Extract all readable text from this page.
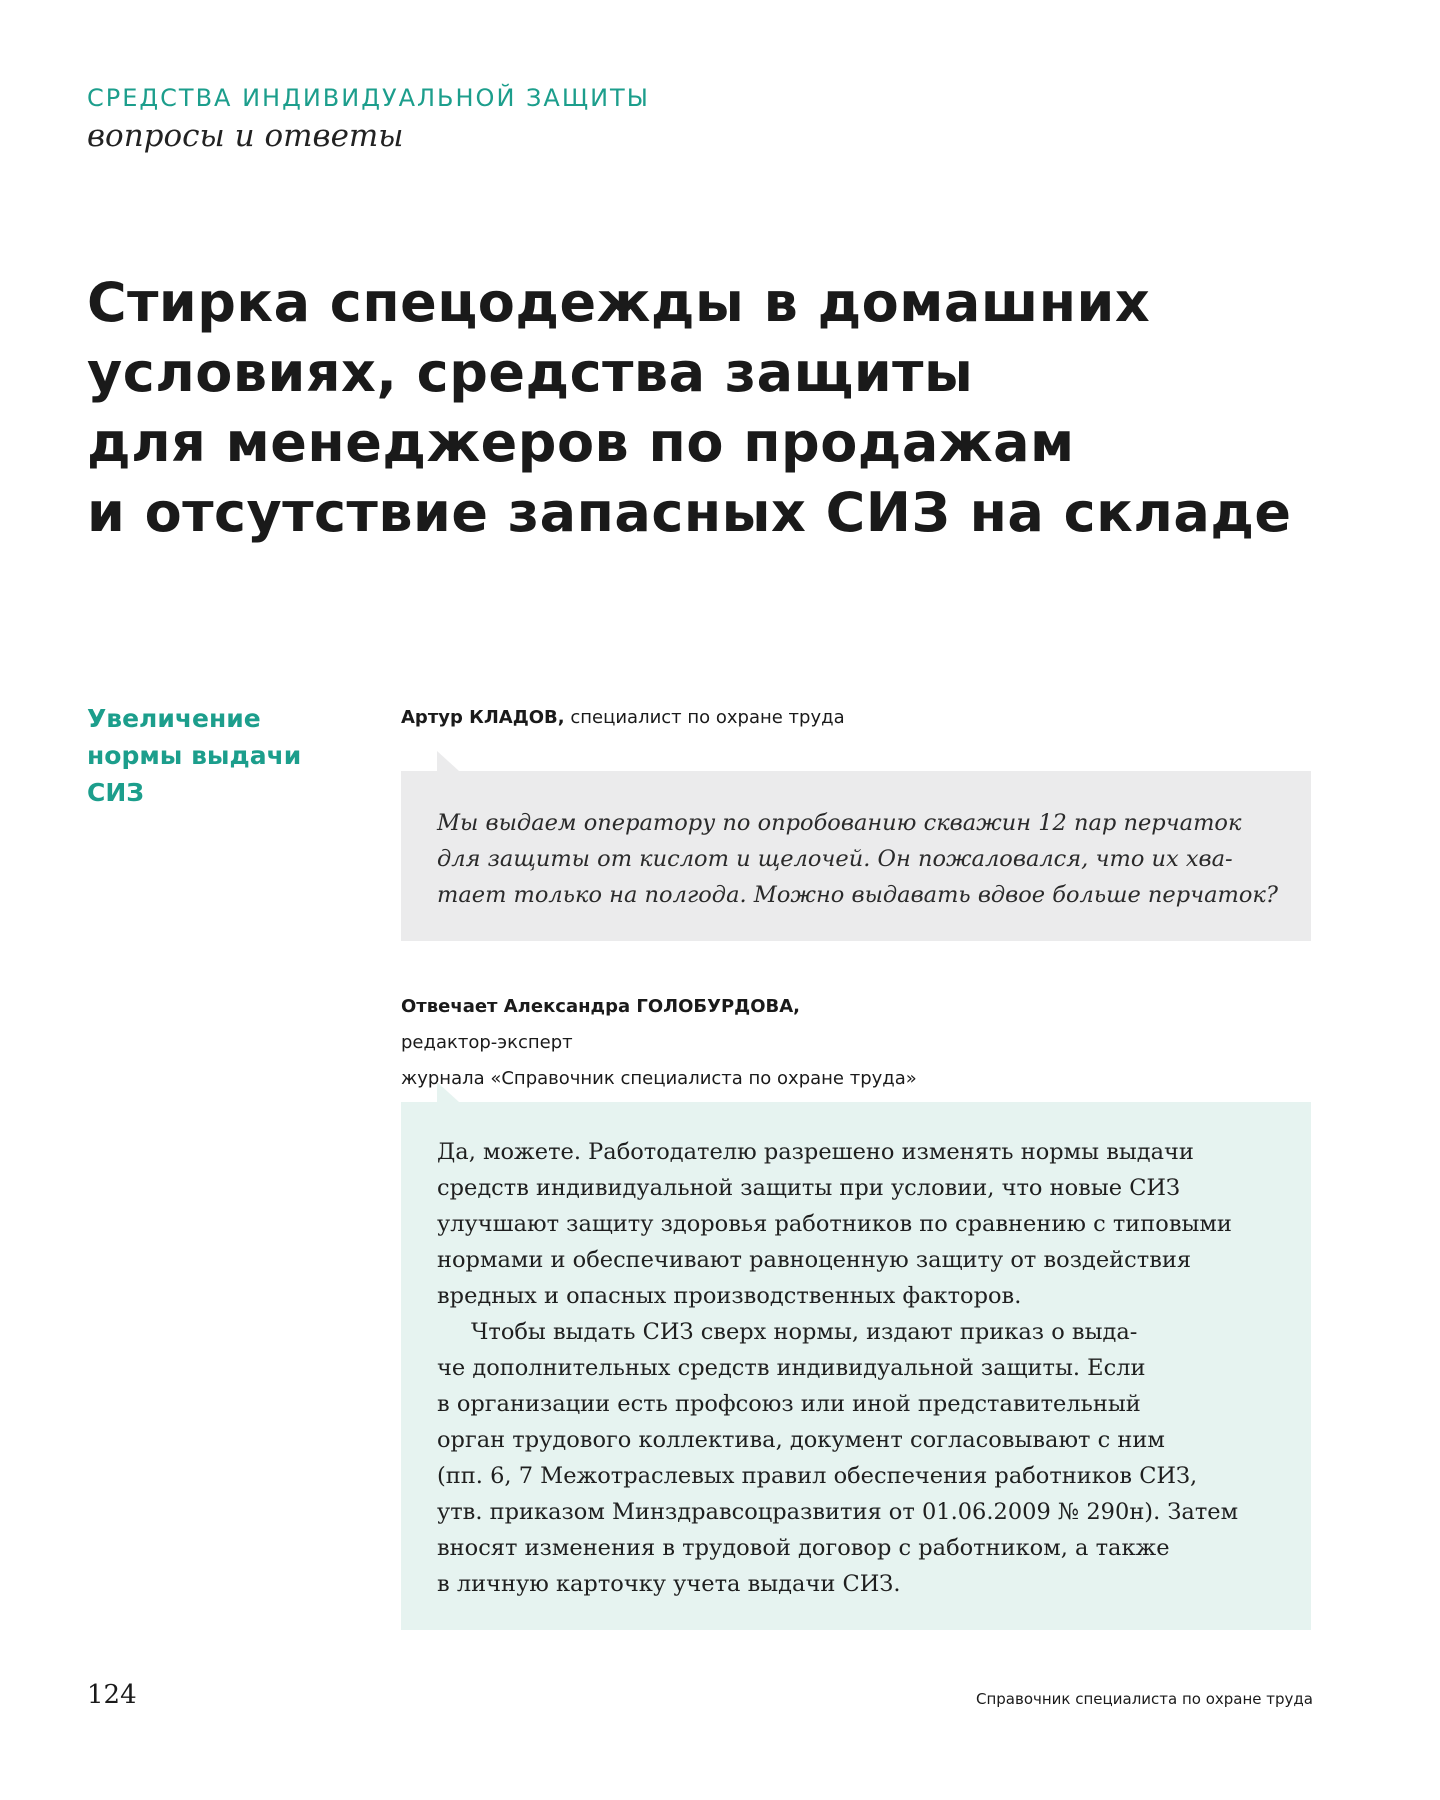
СРЕДСТВА ИНДИВИДУАЛЬНОЙ ЗАЩИТЫ
вопросы и ответы
Стирка спецодежды в домашних
условиях, средства защиты
для менеджеров по продажам
и отсутствие запасных СИЗ на складе
Увеличение
нормы выдачи
СИЗ
Артур КЛАДОВ, специалист по охране труда
Мы выдаем оператору по опробованию скважин 12 пар перчаток
для защиты от кислот и щелочей. Он пожаловался, что их хва-
тает только на полгода. Можно выдавать вдвое больше перчаток?
Отвечает Александра ГОЛОБУРДОВА,
редактор-эксперт
журнала «Справочник специалиста по охране труда»
Да, можете. Работодателю разрешено изменять нормы выдачи
средств индивидуальной защиты при условии, что новые СИЗ
улучшают защиту здоровья работников по сравнению с типовыми
нормами и обеспечивают равноценную защиту от воздействия
вредных и опасных производственных факторов.
Чтобы выдать СИЗ сверх нормы, издают приказ о выда-
че дополнительных средств индивидуальной защиты. Если
в организации есть профсоюз или иной представительный
орган трудового коллектива, документ согласовывают с ним
(пп. 6, 7 Межотраслевых правил обеспечения работников СИЗ,
утв. приказом Минздравсоцразвития от 01.06.2009 № 290н). Затем
вносят изменения в трудовой договор с работником, а также
в личную карточку учета выдачи СИЗ.
124	Справочник специалиста по охране труда
